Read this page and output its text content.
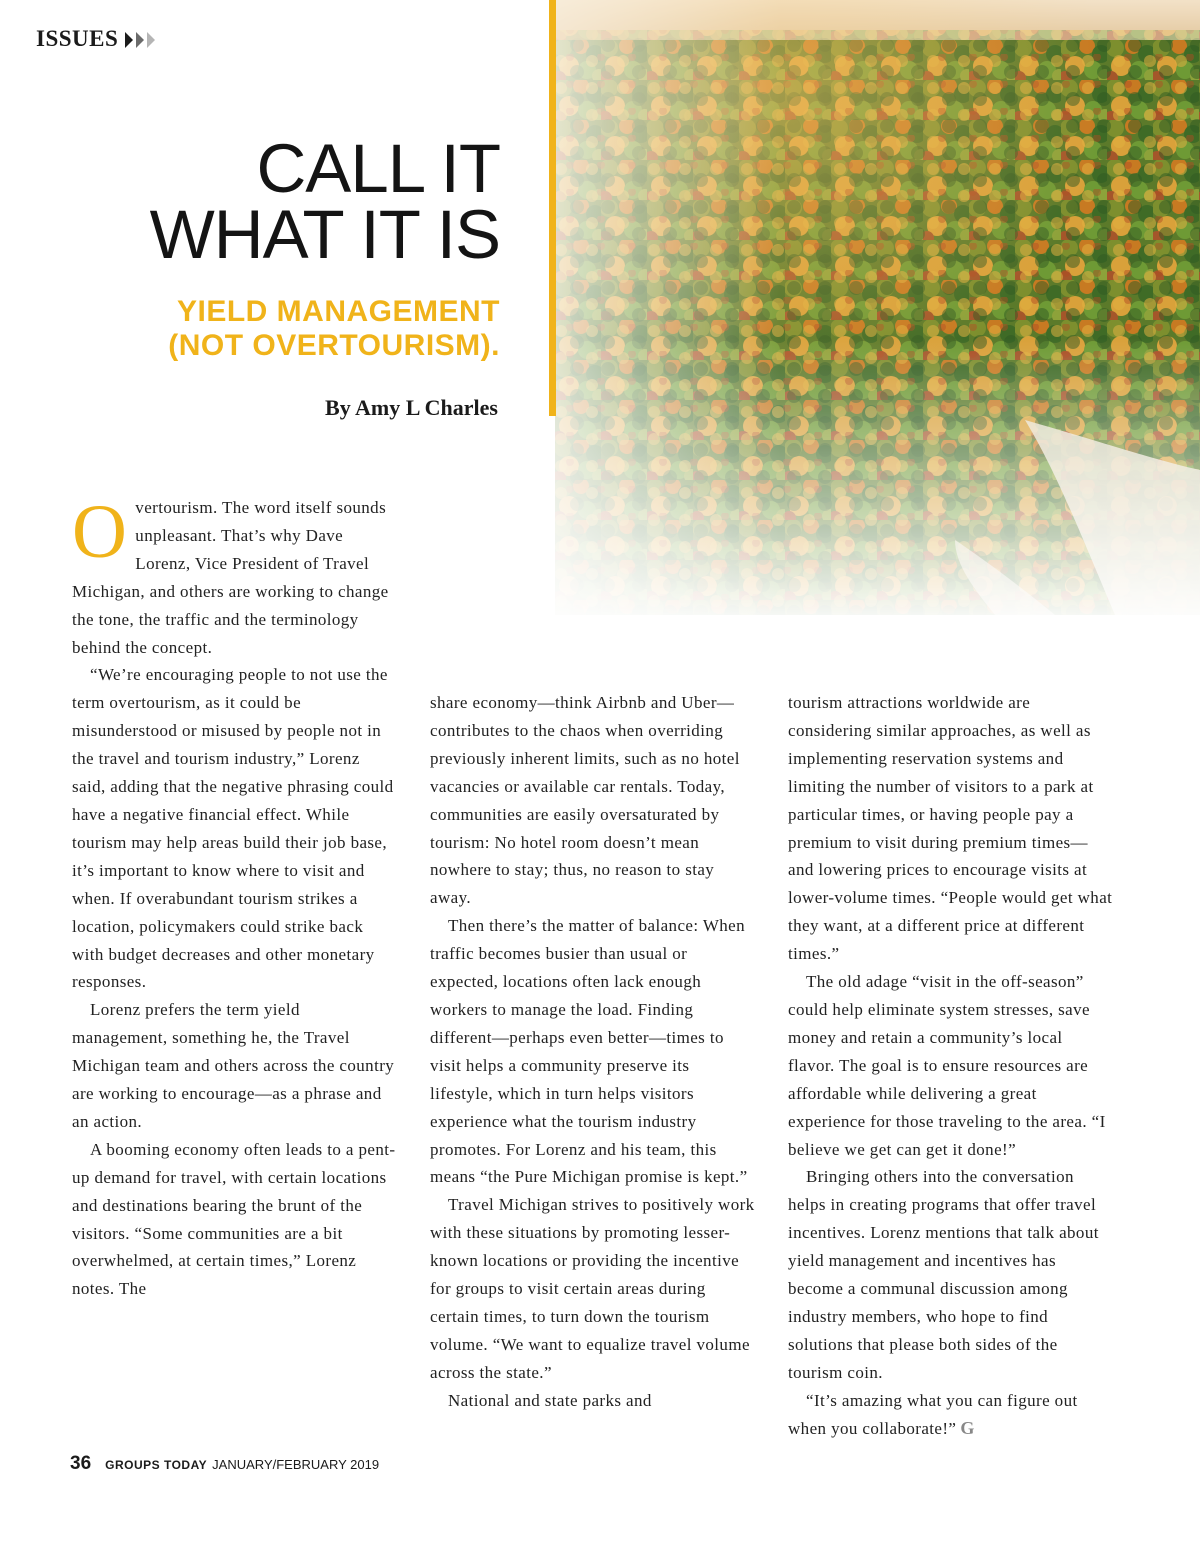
ISSUES
CALL IT
WHAT IT IS
YIELD MANAGEMENT
(NOT OVERTOURISM).
By Amy L Charles

Overtourism. The word itself sounds unpleasant. That’s why Dave Lorenz, Vice President of Travel Michigan, and others are working to change the tone, the traffic and the terminology behind the concept.

“We’re encouraging people to not use the term overtourism, as it could be misunderstood or misused by people not in the travel and tourism industry,” Lorenz said, adding that the negative phrasing could have a negative financial effect. While tourism may help areas build their job base, it’s important to know where to visit and when. If overabundant tourism strikes a location, policymakers could strike back with budget decreases and other monetary responses.

Lorenz prefers the term yield management, something he, the Travel Michigan team and others across the country are working to encourage—as a phrase and an action.

A booming economy often leads to a pent-up demand for travel, with certain locations and destinations bearing the brunt of the visitors. “Some communities are a bit overwhelmed, at certain times,” Lorenz notes. The

share economy—think Airbnb and Uber—contributes to the chaos when overriding previously inherent limits, such as no hotel vacancies or available car rentals. Today, communities are easily oversaturated by tourism: No hotel room doesn’t mean nowhere to stay; thus, no reason to stay away.

Then there’s the matter of balance: When traffic becomes busier than usual or expected, locations often lack enough workers to manage the load. Finding different—perhaps even better—times to visit helps a community preserve its lifestyle, which in turn helps visitors experience what the tourism industry promotes. For Lorenz and his team, this means “the Pure Michigan promise is kept.”

Travel Michigan strives to positively work with these situations by promoting lesser-known locations or providing the incentive for groups to visit certain areas during certain times, to turn down the tourism volume. “We want to equalize travel volume across the state.”

National and state parks and

tourism attractions worldwide are considering similar approaches, as well as implementing reservation systems and limiting the number of visitors to a park at particular times, or having people pay a premium to visit during premium times—and lowering prices to encourage visits at lower-volume times. “People would get what they want, at a different price at different times.”

The old adage “visit in the off-season” could help eliminate system stresses, save money and retain a community’s local flavor. The goal is to ensure resources are affordable while delivering a great experience for those traveling to the area. “I believe we get can get it done!”

Bringing others into the conversation helps in creating programs that offer travel incentives. Lorenz mentions that talk about yield management and incentives has become a communal discussion among industry members, who hope to find solutions that please both sides of the tourism coin.

“It’s amazing what you can figure out when you collaborate!” G

36 GROUPS TODAY JANUARY/FEBRUARY 2019
